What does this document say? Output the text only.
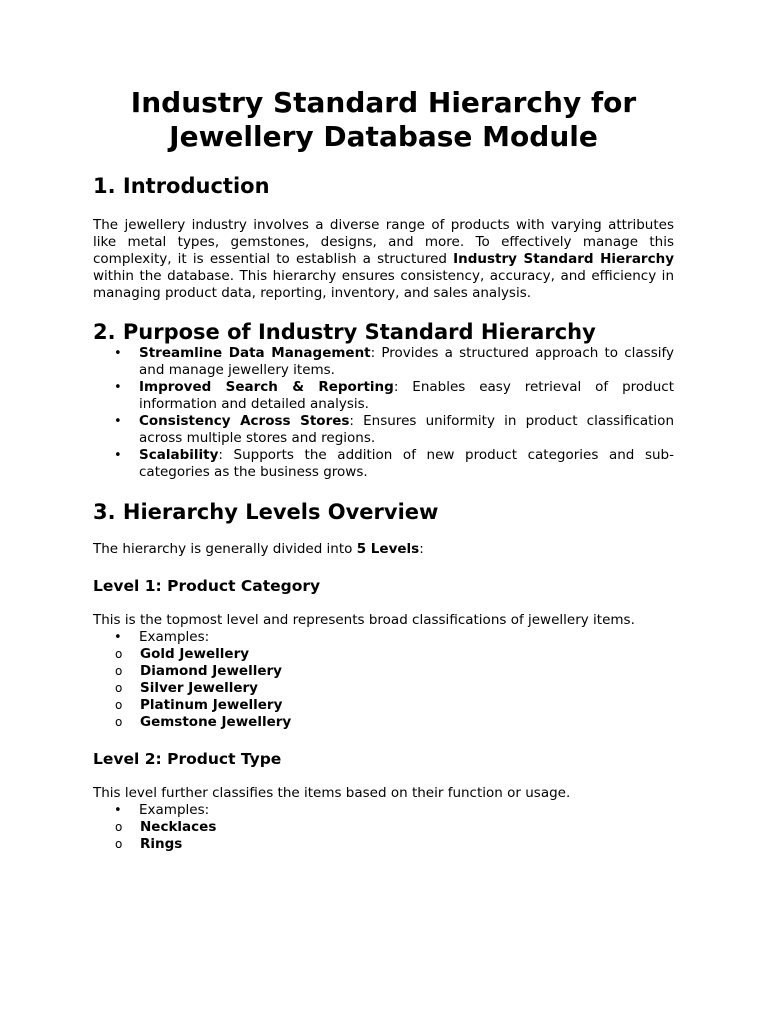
Industry Standard Hierarchy for Jewellery Database Module
1. Introduction

The jewellery industry involves a diverse range of products with varying attributes like metal types, gemstones, designs, and more. To effectively manage this complexity, it is essential to establish a structured Industry Standard Hierarchy within the database. This hierarchy ensures consistency, accuracy, and efficiency in managing product data, reporting, inventory, and sales analysis.

2. Purpose of Industry Standard Hierarchy
• Streamline Data Management: Provides a structured approach to classify and manage jewellery items.
• Improved Search & Reporting: Enables easy retrieval of product information and detailed analysis.
• Consistency Across Stores: Ensures uniformity in product classification across multiple stores and regions.
• Scalability: Supports the addition of new product categories and sub-categories as the business grows.
3. Hierarchy Levels Overview

The hierarchy is generally divided into 5 Levels:

Level 1: Product Category

This is the topmost level and represents broad classifications of jewellery items.

• Examples:
o Gold Jewellery
o Diamond Jewellery
o Silver Jewellery
o Platinum Jewellery
o Gemstone Jewellery
Level 2: Product Type

This level further classifies the items based on their function or usage.

• Examples:
o Necklaces
o Rings
